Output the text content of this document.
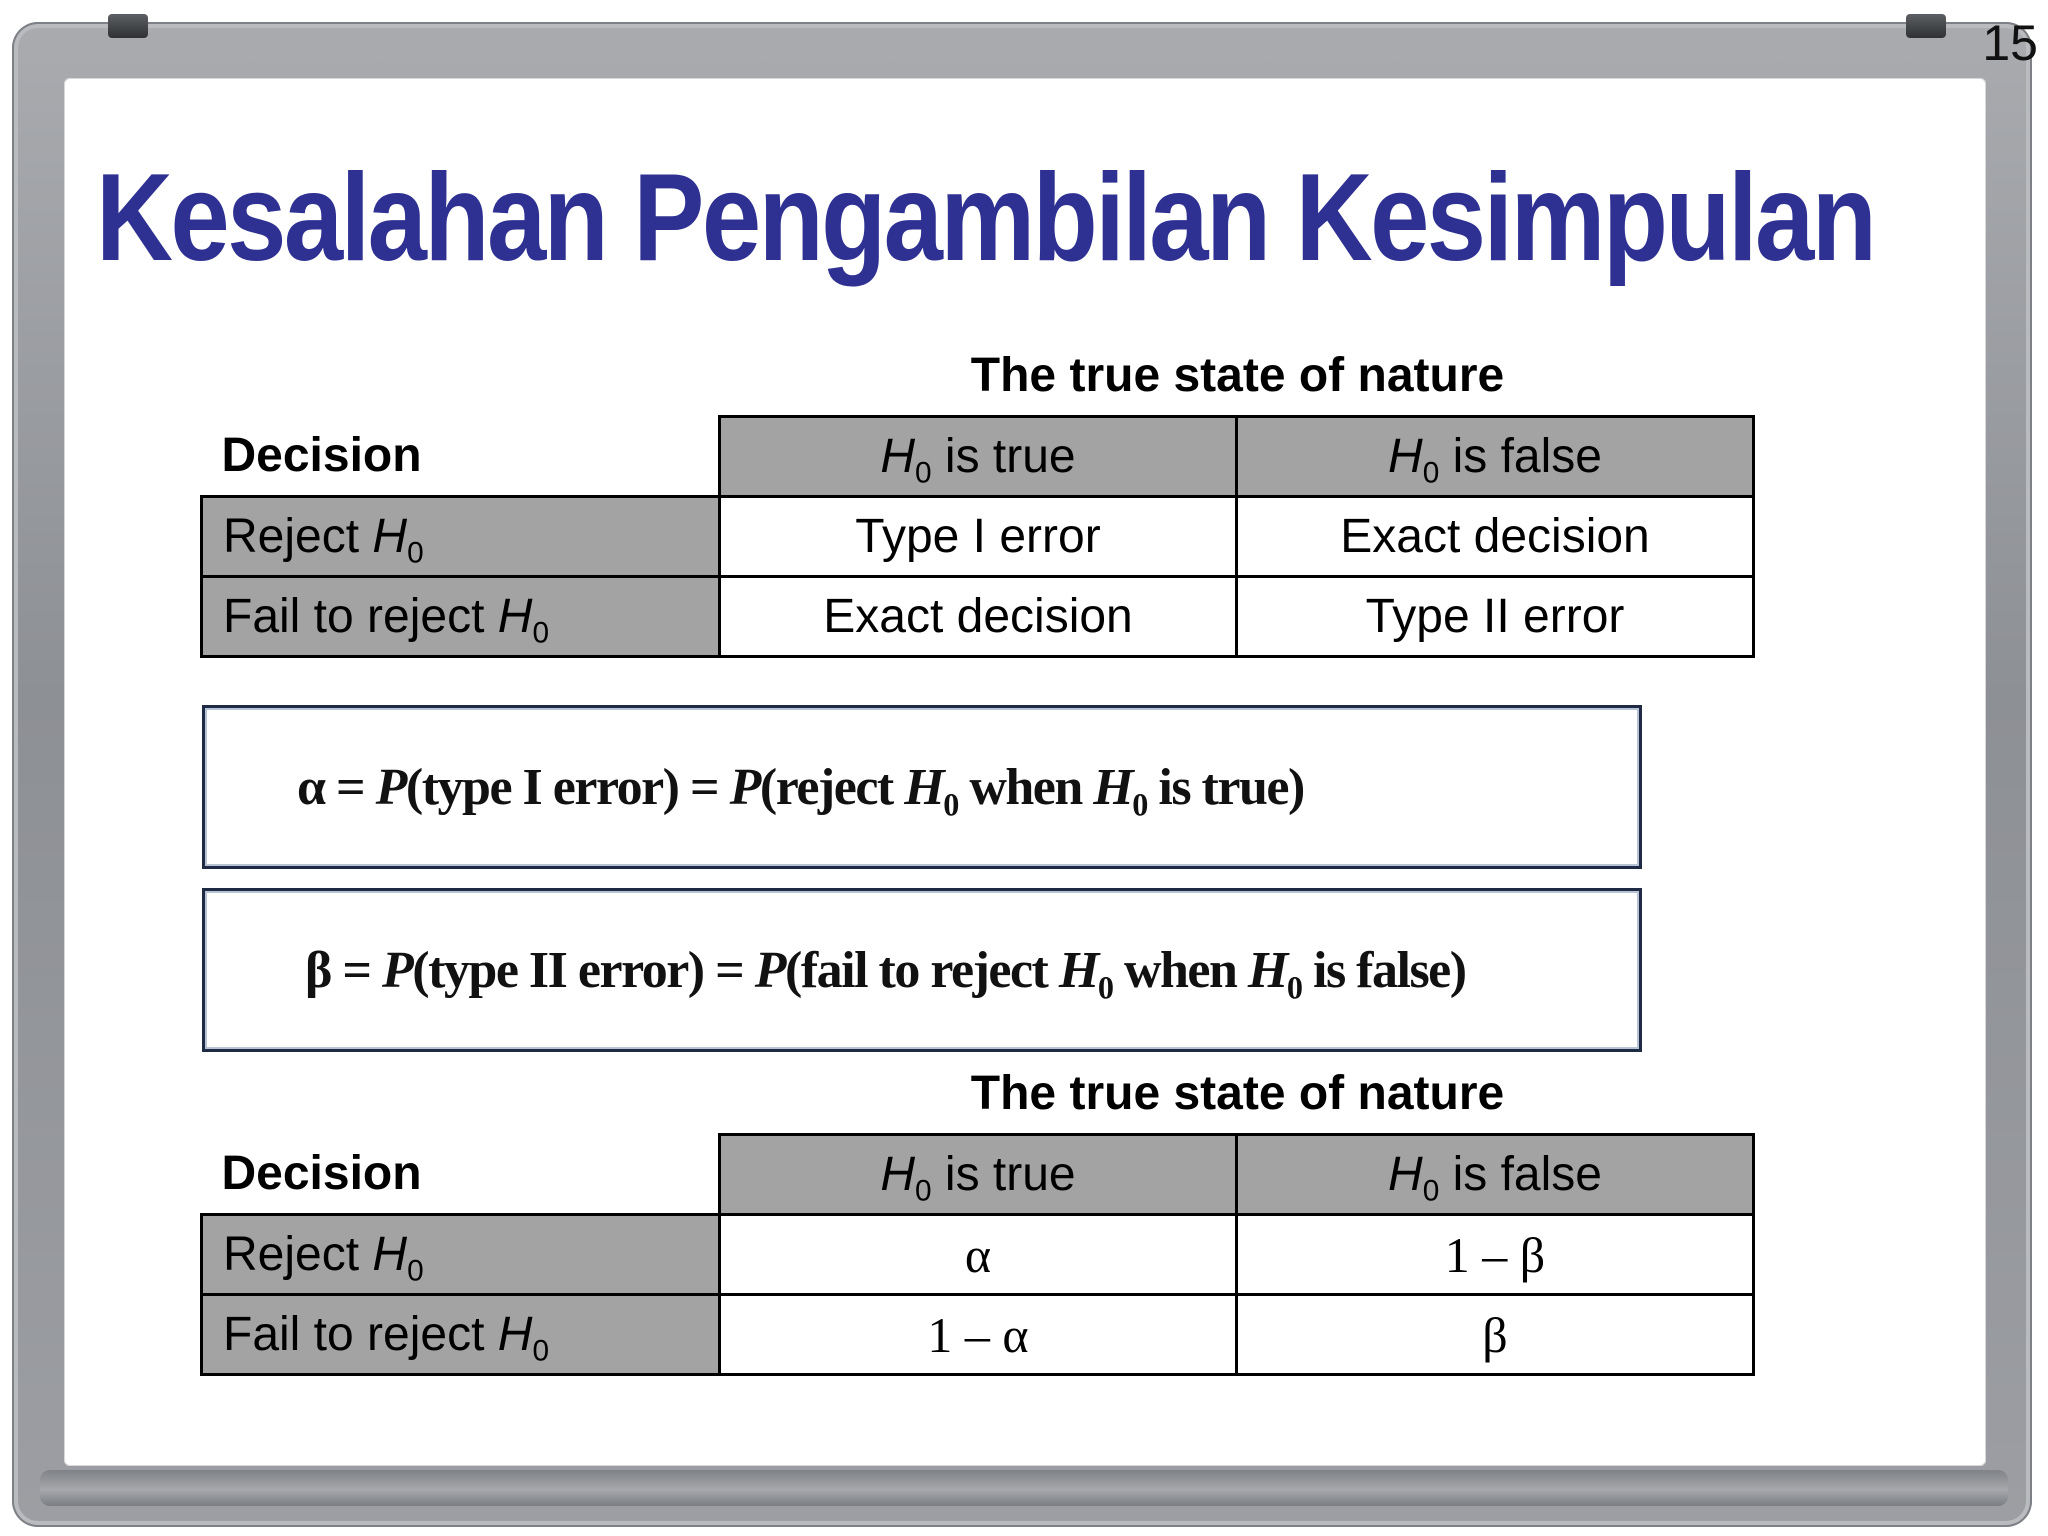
15
Kesalahan Pengambilan Kesimpulan
The true state of nature
Decision	$H_0$ is true	$H_0$ is false
Reject $H_0$	Type I error	Exact decision
Fail to reject $H_0$	Exact decision	Type II error
α = P(type I error) = P(reject $H_0$ when $H_0$ is true)
β = P(type II error) = P(fail to reject $H_0$ when $H_0$ is false)
The true state of nature
Decision	$H_0$ is true	$H_0$ is false
Reject $H_0$	α	1 – β
Fail to reject $H_0$	1 – α	β
